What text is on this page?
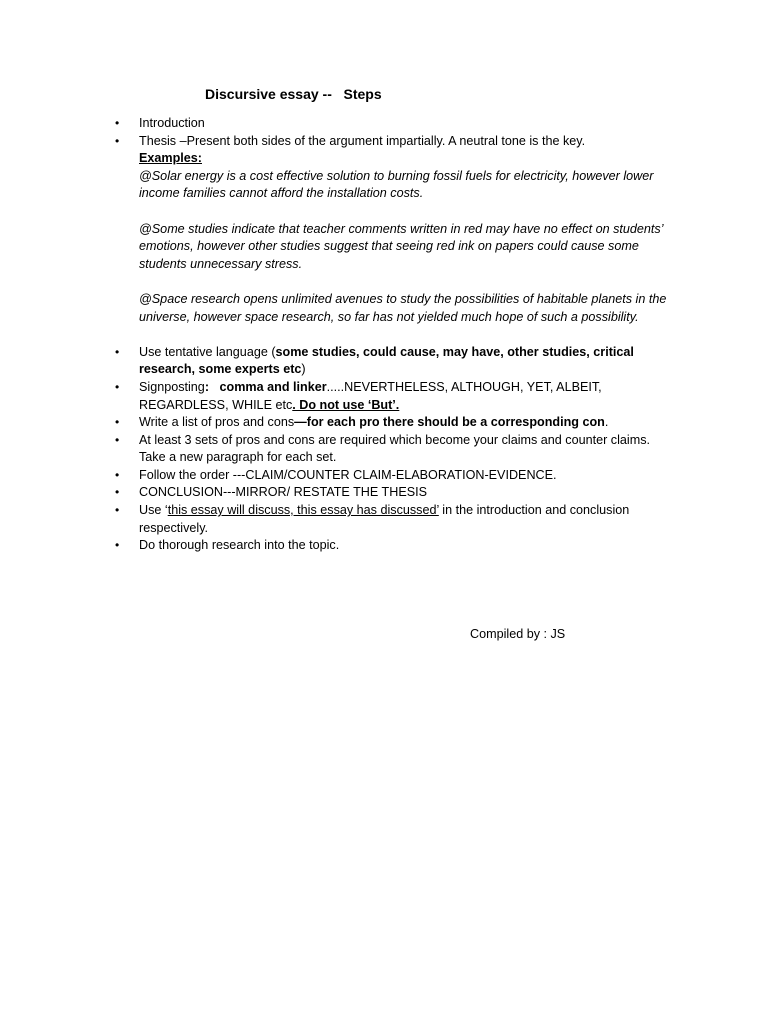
Discursive essay --   Steps
• Introduction
• Thesis –Present both sides of the argument impartially. A neutral tone is the key.
Examples:

@Solar energy is a cost effective solution to burning fossil fuels for electricity, however lower income families cannot afford the installation costs.

@Some studies indicate that teacher comments written in red may have no effect on students’ emotions, however other studies suggest that seeing red ink on papers could cause some students unnecessary stress.

@Space research opens unlimited avenues to study the possibilities of habitable planets in the universe, however space research, so far has not yielded much hope of such a possibility.

• Use tentative language (some studies, could cause, may have, other studies, critical research, some experts etc)
• Signposting: comma and linker.....NEVERTHELESS, ALTHOUGH, YET, ALBEIT, REGARDLESS, WHILE etc. Do not use ‘But’.
• Write a list of pros and cons—for each pro there should be a corresponding con.
• At least 3 sets of pros and cons are required which become your claims and counter claims. Take a new paragraph for each set.
• Follow the order ---CLAIM/COUNTER CLAIM-ELABORATION-EVIDENCE.
• CONCLUSION---MIRROR/ RESTATE THE THESIS
• Use ‘this essay will discuss, this essay has discussed’ in the introduction and conclusion respectively.
• Do thorough research into the topic.
Compiled by : JS
